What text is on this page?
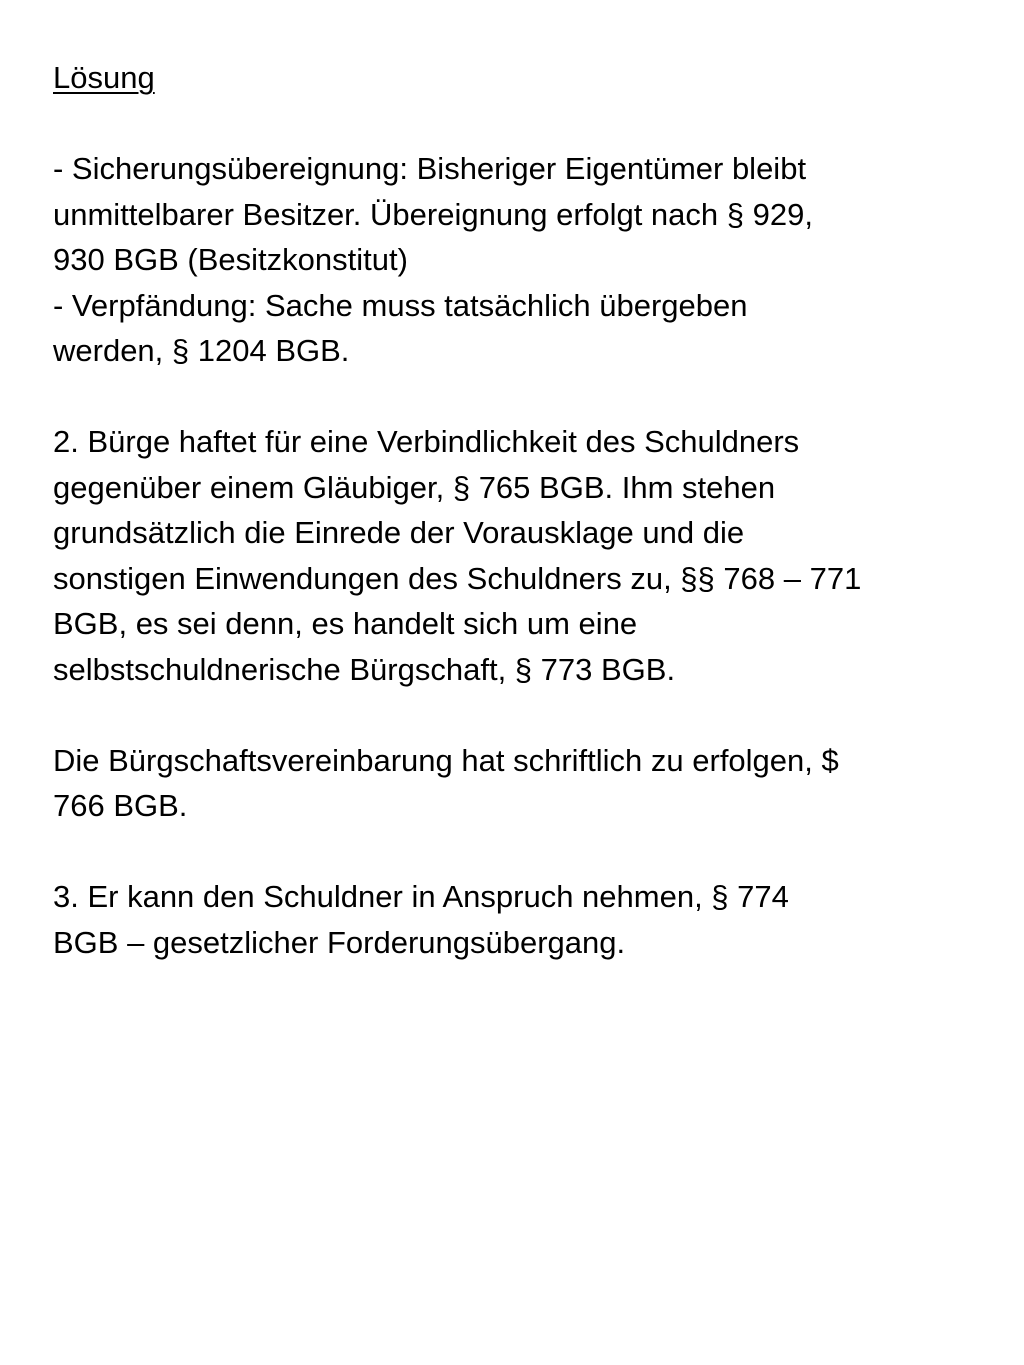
Lösung

- Sicherungsübereignung: Bisheriger Eigentümer bleibt
unmittelbarer Besitzer. Übereignung erfolgt nach § 929,
930 BGB (Besitzkonstitut)
- Verpfändung: Sache muss tatsächlich übergeben
werden, § 1204 BGB.

2. Bürge haftet für eine Verbindlichkeit des Schuldners
gegenüber einem Gläubiger, § 765 BGB. Ihm stehen
grundsätzlich die Einrede der Vorausklage und die
sonstigen Einwendungen des Schuldners zu, §§ 768 – 771
BGB, es sei denn, es handelt sich um eine
selbstschuldnerische Bürgschaft, § 773 BGB.

Die Bürgschaftsvereinbarung hat schriftlich zu erfolgen, $
766 BGB.

3. Er kann den Schuldner in Anspruch nehmen, § 774
BGB – gesetzlicher Forderungsübergang.
